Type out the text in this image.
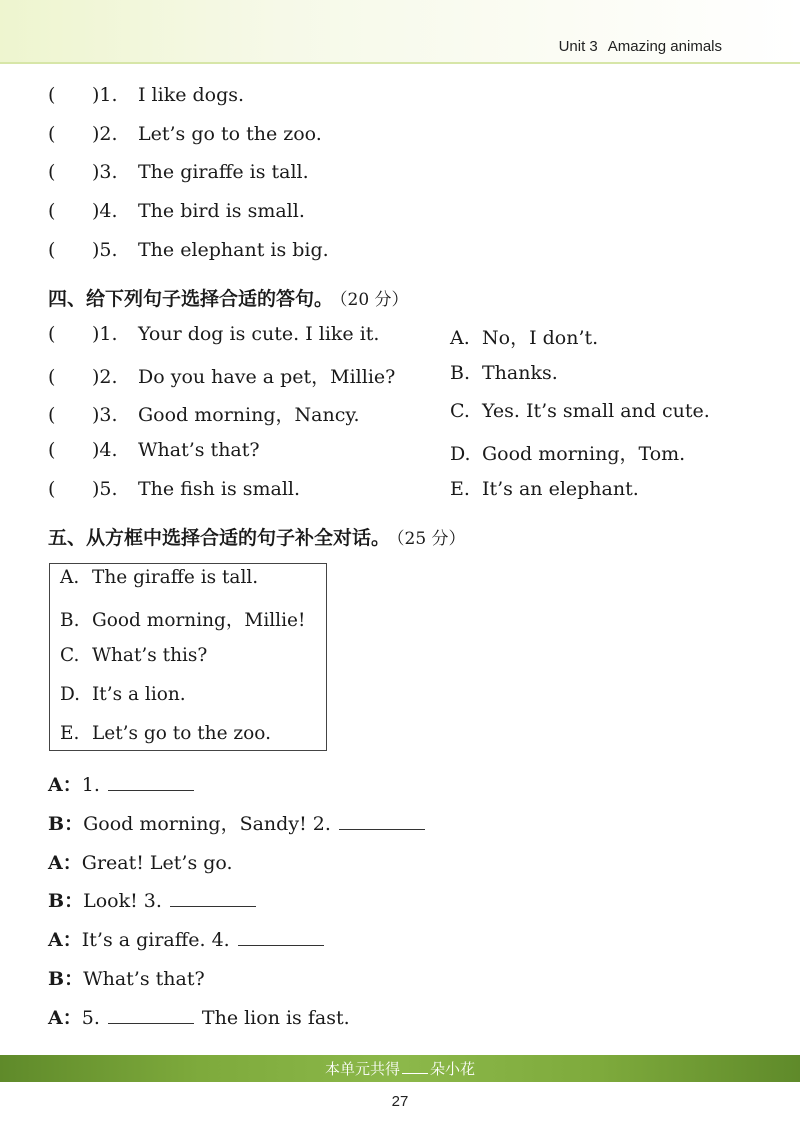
Unit 3 Amazing animals
( )1. I like dogs.
( )2. Let’s go to the zoo.
( )3. The giraffe is tall.
( )4. The bird is small.
( )5. The elephant is big.
四、给下列句子选择合适的答句。 （20 分）
( )1. Your dog is cute. I like it.
( )2. Do you have a pet，Millie?
( )3. Good morning，Nancy.
( )4. What’s that?
( )5. The fish is small.
A. No，I don’t.
B. Thanks.
C. Yes. It’s small and cute.
D. Good morning，Tom.
E. It’s an elephant.
五、从方框中选择合适的句子补全对话。 （25 分）
A. The giraffe is tall.
B. Good morning，Millie!
C. What’s this?
D. It’s a lion.
E. Let’s go to the zoo.
A：1.
B：Good morning，Sandy! 2.
A：Great! Let’s go.
B：Look! 3.
A：It’s a giraffe. 4.
B：What’s that?
A：5.	The lion is fast.
本单元共得 朵小花
27
